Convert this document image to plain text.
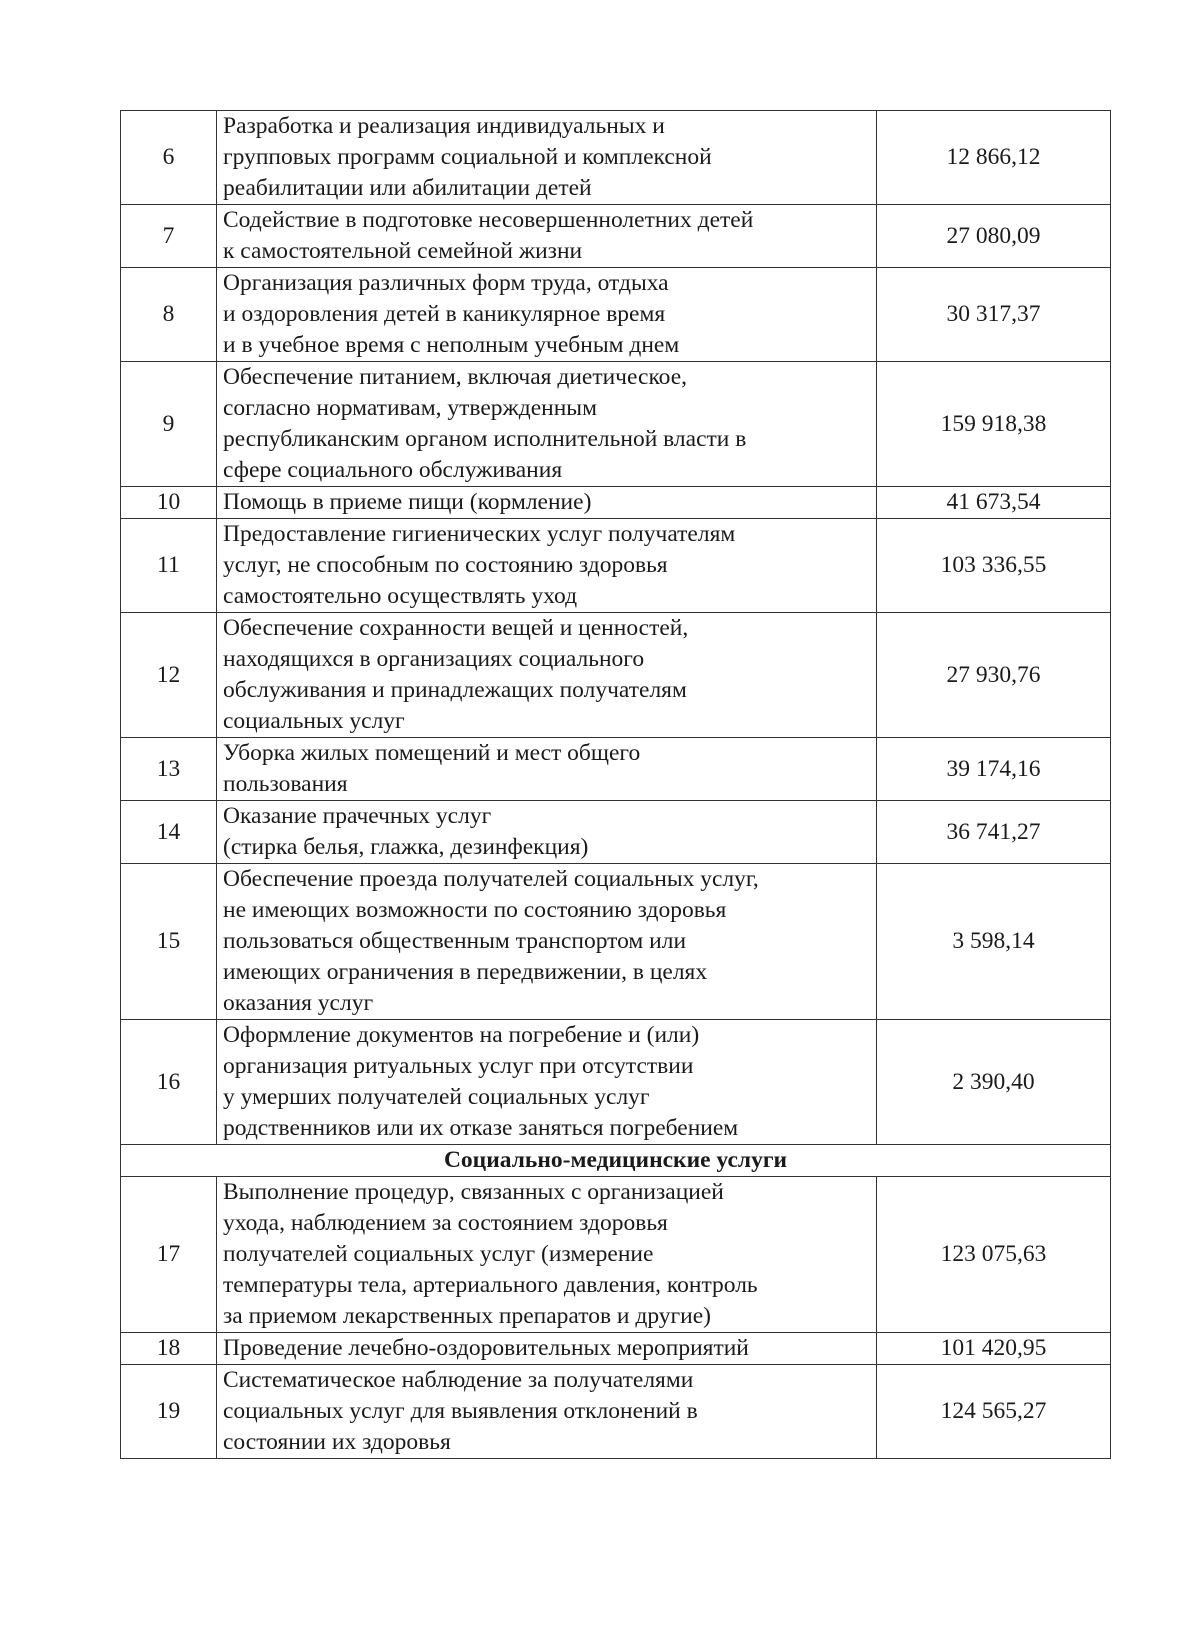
6	Разработка и реализация индивидуальных и
групповых программ социальной и комплексной
реабилитации или абилитации детей	12 866,12
7	Содействие в подготовке несовершеннолетних детей
к самостоятельной семейной жизни	27 080,09
8	Организация различных форм труда, отдыха
и оздоровления детей в каникулярное время
и в учебное время с неполным учебным днем	30 317,37
9	Обеспечение питанием, включая диетическое,
согласно нормативам, утвержденным
республиканским органом исполнительной власти в
сфере социального обслуживания	159 918,38
10	Помощь в приеме пищи (кормление)	41 673,54
11	Предоставление гигиенических услуг получателям
услуг, не способным по состоянию здоровья
самостоятельно осуществлять уход	103 336,55
12	Обеспечение сохранности вещей и ценностей,
находящихся в организациях социального
обслуживания и принадлежащих получателям
социальных услуг	27 930,76
13	Уборка жилых помещений и мест общего
пользования	39 174,16
14	Оказание прачечных услуг
(стирка белья, глажка, дезинфекция)	36 741,27
15	Обеспечение проезда получателей социальных услуг,
не имеющих возможности по состоянию здоровья
пользоваться общественным транспортом или
имеющих ограничения в передвижении, в целях
оказания услуг	3 598,14
16	Оформление документов на погребение и (или)
организация ритуальных услуг при отсутствии
у умерших получателей социальных услуг
родственников или их отказе заняться погребением	2 390,40
Социально-медицинские услуги		
17	Выполнение процедур, связанных с организацией
ухода, наблюдением за состоянием здоровья
получателей социальных услуг (измерение
температуры тела, артериального давления, контроль
за приемом лекарственных препаратов и другие)	123 075,63
18	Проведение лечебно-оздоровительных мероприятий	101 420,95
19	Систематическое наблюдение за получателями
социальных услуг для выявления отклонений в
состоянии их здоровья	124 565,27
